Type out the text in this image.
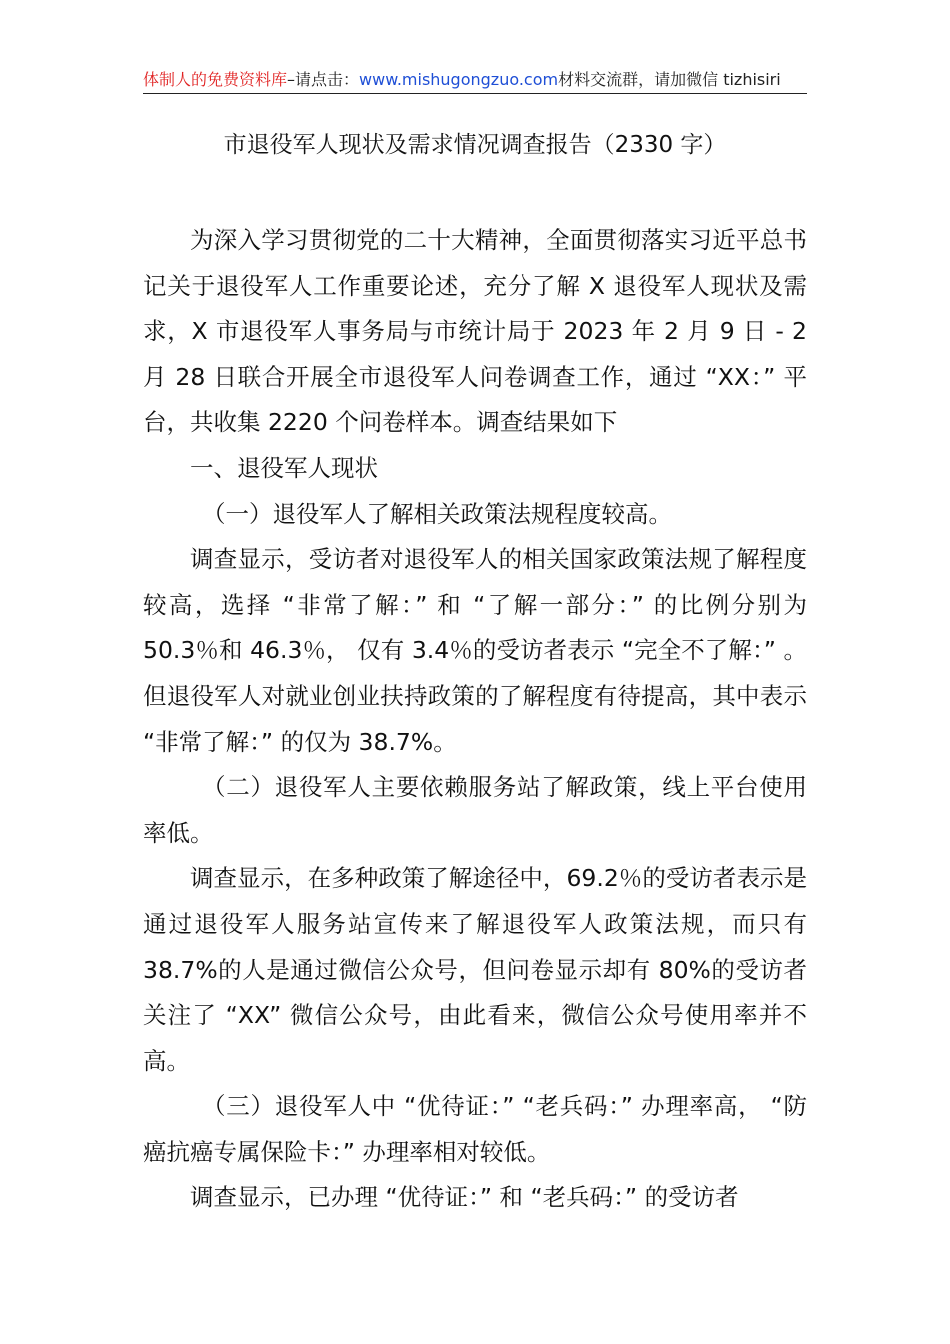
体制人的免费资料库–请点击：www.mishugongzuo.com材料交流群，请加微信 tizhisiri
市退役军人现状及需求情况调查报告（2330 字）

为深入学习贯彻党的二十大精神，全面贯彻落实习近平总书记关于退役军人工作重要论述，充分了解 X 退役军人现状及需求，X 市退役军人事务局与市统计局于 2023 年 2 月 9 日 - 2 月 28 日联合开展全市退役军人问卷调查工作，通过 “XX：” 平台，共收集 2220 个问卷样本。调查结果如下

一、退役军人现状

（一）退役军人了解相关政策法规程度较高。

调查显示，受访者对退役军人的相关国家政策法规了解程度较高，选择 “非常了解：” 和 “了解一部分：” 的比例分别为 50.3％和 46.3％， 仅有 3.4％的受访者表示 “完全不了解：” 。但退役军人对就业创业扶持政策的了解程度有待提高，其中表示 “非常了解：” 的仅为 38.7%。

（二）退役军人主要依赖服务站了解政策，线上平台使用率低。

调查显示，在多种政策了解途径中，69.2％的受访者表示是通过退役军人服务站宣传来了解退役军人政策法规，而只有 38.7%的人是通过微信公众号，但问卷显示却有 80%的受访者关注了 “XX” 微信公众号，由此看来，微信公众号使用率并不高。

（三）退役军人中 “优待证：” “老兵码：” 办理率高， “防癌抗癌专属保险卡：” 办理率相对较低。

调查显示，已办理 “优待证：” 和 “老兵码：” 的受访者
